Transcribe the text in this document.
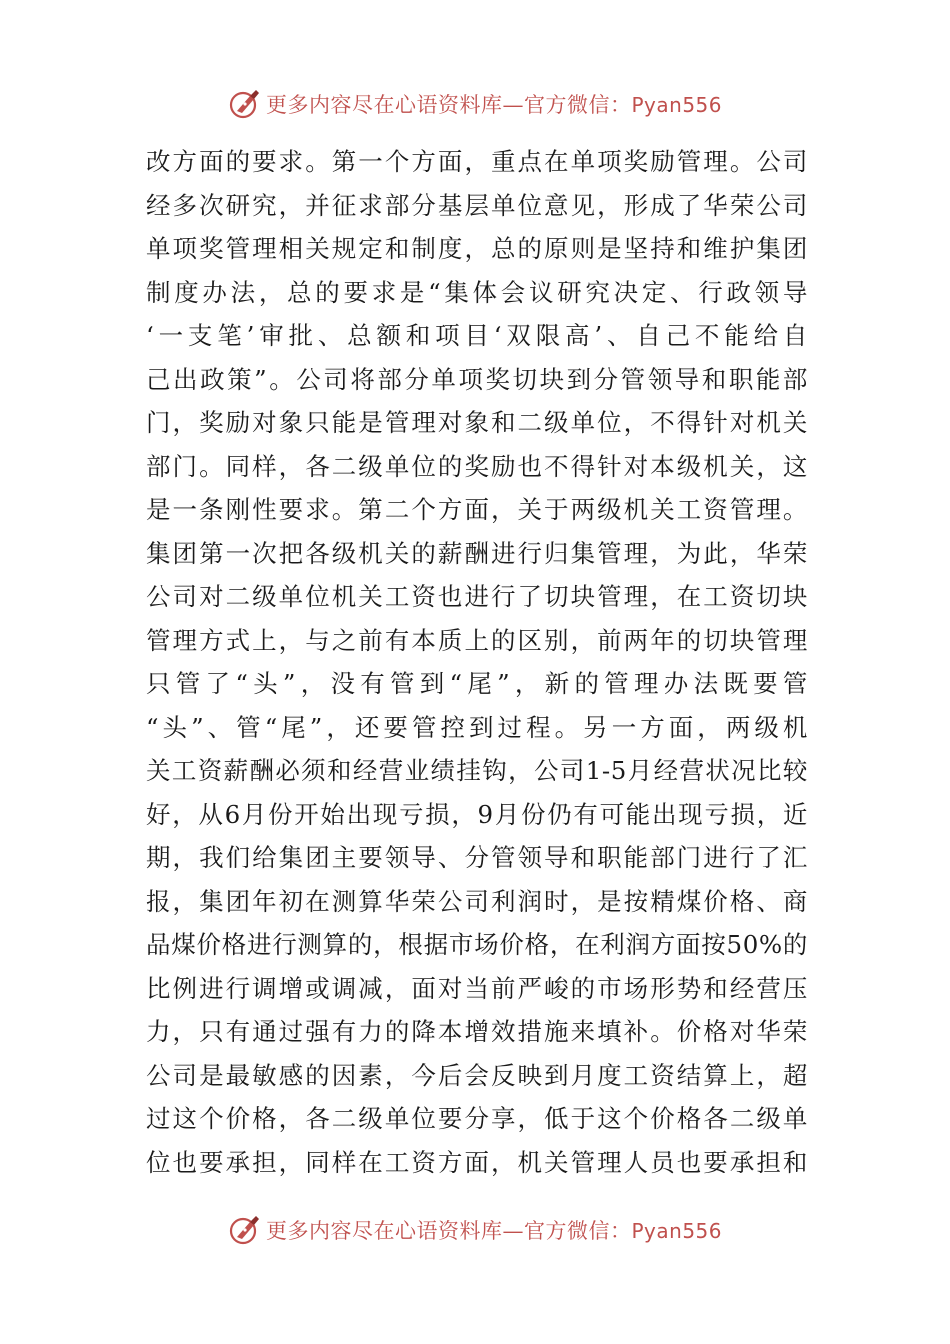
更多内容尽在心语资料库—官方微信：Pyan556
改方面的要求。第一个方面，重点在单项奖励管理。公司
经多次研究，并征求部分基层单位意见，形成了华荣公司
单项奖管理相关规定和制度，总的原则是坚持和维护集团
制度办法，总的要求是“集体会议研究决定、行政领导
‘一支笔’审批、总额和项目‘双限高’、自己不能给自
己出政策”。公司将部分单项奖切块到分管领导和职能部
门，奖励对象只能是管理对象和二级单位，不得针对机关
部门。同样，各二级单位的奖励也不得针对本级机关，这
是一条刚性要求。第二个方面，关于两级机关工资管理。
集团第一次把各级机关的薪酬进行归集管理，为此，华荣
公司对二级单位机关工资也进行了切块管理，在工资切块
管理方式上，与之前有本质上的区别，前两年的切块管理
只管了“头”，没有管到“尾”，新的管理办法既要管
“头”、管“尾”，还要管控到过程。另一方面，两级机
关工资薪酬必须和经营业绩挂钩，公司1-5月经营状况比较
好，从6月份开始出现亏损，9月份仍有可能出现亏损，近
期，我们给集团主要领导、分管领导和职能部门进行了汇
报，集团年初在测算华荣公司利润时，是按精煤价格、商
品煤价格进行测算的，根据市场价格，在利润方面按50%的
比例进行调增或调减，面对当前严峻的市场形势和经营压
力，只有通过强有力的降本增效措施来填补。价格对华荣
公司是最敏感的因素，今后会反映到月度工资结算上，超
过这个价格，各二级单位要分享，低于这个价格各二级单
位也要承担，同样在工资方面，机关管理人员也要承担和
更多内容尽在心语资料库—官方微信：Pyan556
